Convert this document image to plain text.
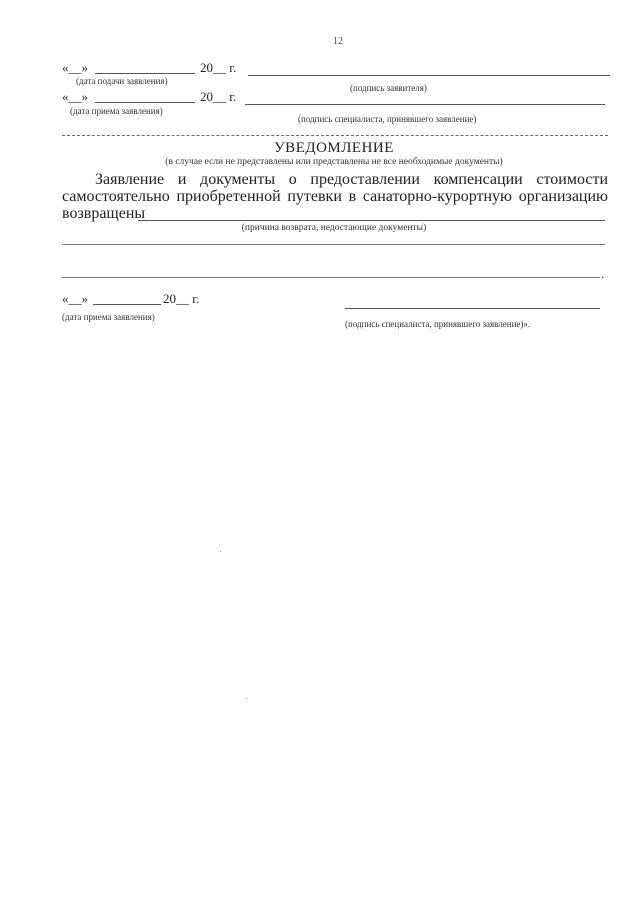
12
«__»	20__ г.
(дата подачи заявления)
(подпись заявителя)
«__»	20__ г.
(дата приема заявления)
(подпись специалиста, принявшего заявление)
УВЕДОМЛЕНИЕ
(в случае если не представлены или представлены не все необходимые документы)
Заявление и документы о предоставлении компенсации стоимости
самостоятельно приобретенной путевки в санаторно-курортную организацию
возвращены
(причина возврата, недостающие документы)
.
«__»	20__ г.
(дата приема заявления)
(подпись специалиста, принявшего заявление)».
